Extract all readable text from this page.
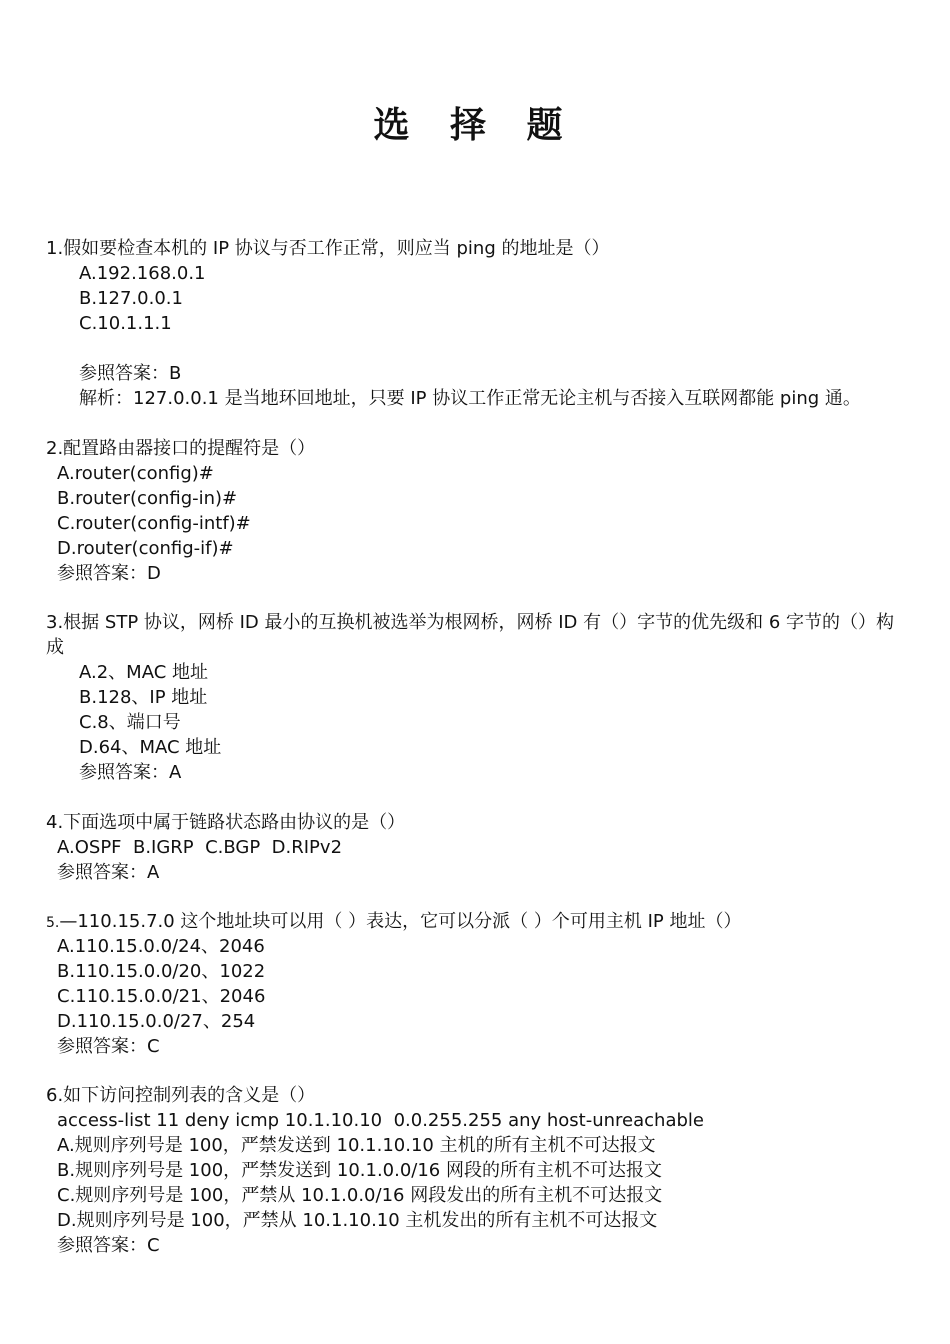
选 择 题
1.假如要检查本机的 IP 协议与否工作正常，则应当 ping 的地址是（）
A.192.168.0.1
B.127.0.0.1
C.10.1.1.1
参照答案：B
解析：127.0.0.1 是当地环回地址，只要 IP 协议工作正常无论主机与否接入互联网都能 ping 通。
2.配置路由器接口的提醒符是（）
A.router(config)#
B.router(config-in)#
C.router(config-intf)#
D.router(config-if)#
参照答案：D
3.根据 STP 协议，网桥 ID 最小的互换机被选举为根网桥，网桥 ID 有（）字节的优先级和 6 字节的（）构成
A.2、MAC 地址
B.128、IP 地址
C.8、端口号
D.64、MAC 地址
参照答案：A
4.下面选项中属于链路状态路由协议的是（）
A.OSPF  B.IGRP  C.BGP  D.RIPv2
参照答案：A
5.—110.15.7.0 这个地址块可以用（ ）表达，它可以分派（ ）个可用主机 IP 地址（）
A.110.15.0.0/24、2046
B.110.15.0.0/20、1022
C.110.15.0.0/21、2046
D.110.15.0.0/27、254
参照答案：C
6.如下访问控制列表的含义是（）
access-list 11 deny icmp 10.1.10.10  0.0.255.255 any host-unreachable
A.规则序列号是 100，严禁发送到 10.1.10.10 主机的所有主机不可达报文
B.规则序列号是 100，严禁发送到 10.1.0.0/16 网段的所有主机不可达报文
C.规则序列号是 100，严禁从 10.1.0.0/16 网段发出的所有主机不可达报文
D.规则序列号是 100，严禁从 10.1.10.10 主机发出的所有主机不可达报文
参照答案：C
